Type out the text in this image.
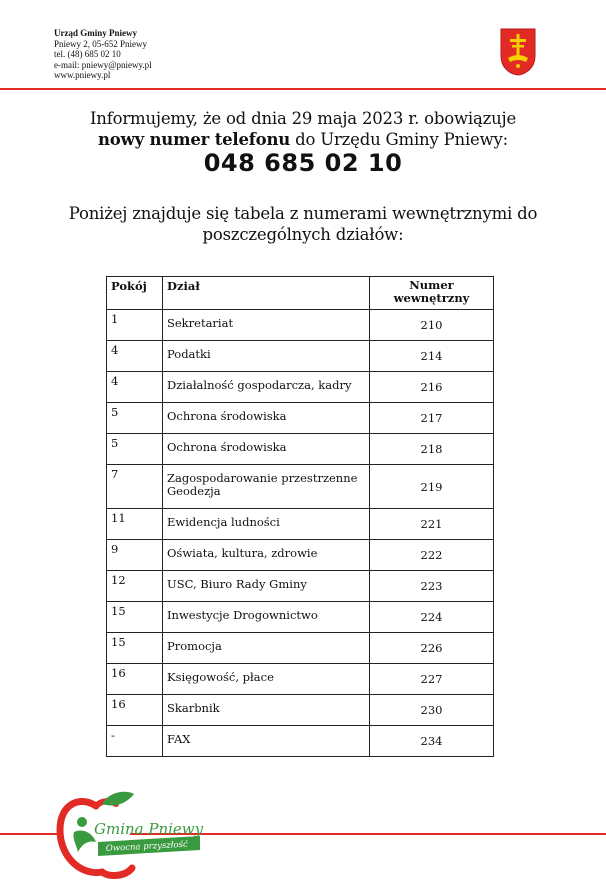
Urząd Gminy Pniewy
Pniewy 2, 05-652 Pniewy
tel. (48) 685 02 10
e-mail: pniewy@pniewy.pl
www.pniewy.pl
Informujemy, że od dnia 29 maja 2023 r. obowiązuje
nowy numer telefonu do Urzędu Gminy Pniewy:
048 685 02 10
Poniżej znajduje się tabela z numerami wewnętrznymi do
poszczególnych działów:
Pokój	Dział	Numer wewnętrzny
1	Sekretariat	210
4	Podatki	214
4	Działalność gospodarcza, kadry	216
5	Ochrona środowiska	217
5	Ochrona środowiska	218
7	Zagospodarowanie przestrzenne Geodezja	219
11	Ewidencja ludności	221
9	Oświata, kultura, zdrowie	222
12	USC, Biuro Rady Gminy	223
15	Inwestycje Drogownictwo	224
15	Promocja	226
16	Księgowość, płace	227
16	Skarbnik	230
-	FAX	234
Gmina Pniewy
Owocna przyszłość
